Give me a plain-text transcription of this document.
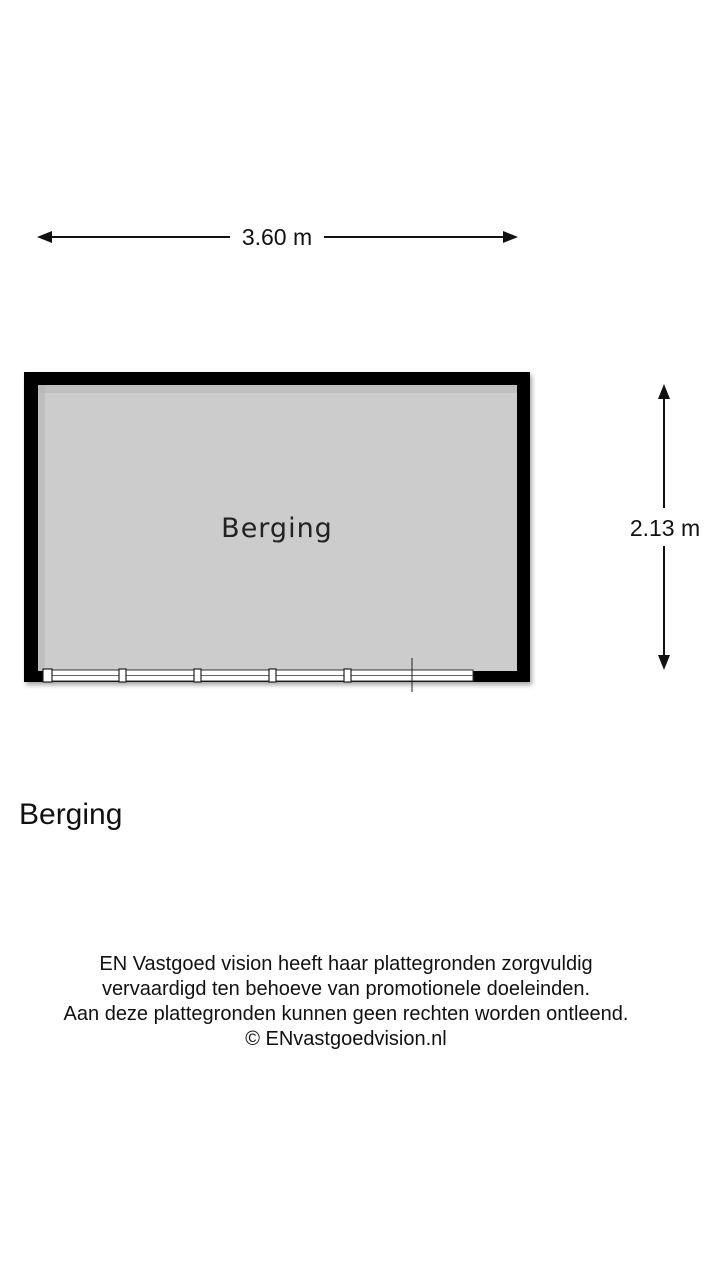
3.60 m
2.13 m
Berging
Berging
EN Vastgoed vision heeft haar plattegronden zorgvuldig
vervaardigd ten behoeve van promotionele doeleinden.
Aan deze plattegronden kunnen geen rechten worden ontleend.
© ENvastgoedvision.nl
